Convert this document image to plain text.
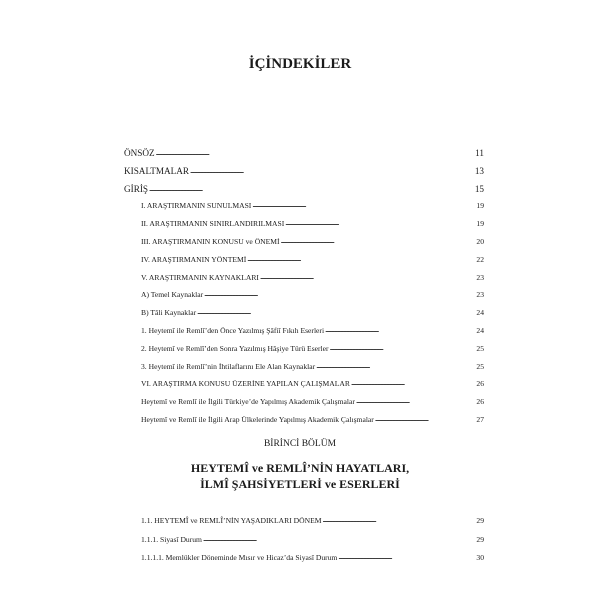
İÇİNDEKİLER
ÖNSÖZ . . .	11
KISALTMALAR . . .	13
GİRİŞ . . .	15
I. ARAŞTIRMANIN SUNULMASI . . .	19
II. ARAŞTIRMANIN SINIRLANDIRILMASI . . .	19
III. ARAŞTIRMANIN KONUSU ve ÖNEMİ . . .	20
IV. ARAŞTIRMANIN YÖNTEMİ . . .	22
V. ARAŞTIRMANIN KAYNAKLARI . . .	23
A) Temel Kaynaklar . . .	23
B) Tâli Kaynaklar . . .	24
1. Heytemî ile Remlî’den Önce Yazılmış Şâfiî Fıkıh Eserleri . . .	24
2. Heytemî ve Remlî’den Sonra Yazılmış Hâşiye Türü Eserler . . .	25
3. Heytemî ile Remlî’nin İhtilaflarını Ele Alan Kaynaklar . . .	25
VI. ARAŞTIRMA KONUSU ÜZERİNE YAPILAN ÇALIŞMALAR . . .	26
Heytemî ve Remlî ile İlgili Türkiye’de Yapılmış Akademik Çalışmalar . . .	26
Heytemî ve Remlî ile İlgili Arap Ülkelerinde Yapılmış Akademik Çalışmalar . . .	27
1.1. HEYTEMÎ ve REMLÎ’NİN YAŞADIKLARI DÖNEM . . .	29
1.1.1. Siyasî Durum . . .	29
1.1.1.1. Memlükler Döneminde Mısır ve Hicaz’da Siyasî Durum . . .	30
BİRİNCİ BÖLÜM
HEYTEMÎ ve REMLÎ’NİN HAYATLARI,
İLMÎ ŞAHSİYETLERİ ve ESERLERİ
